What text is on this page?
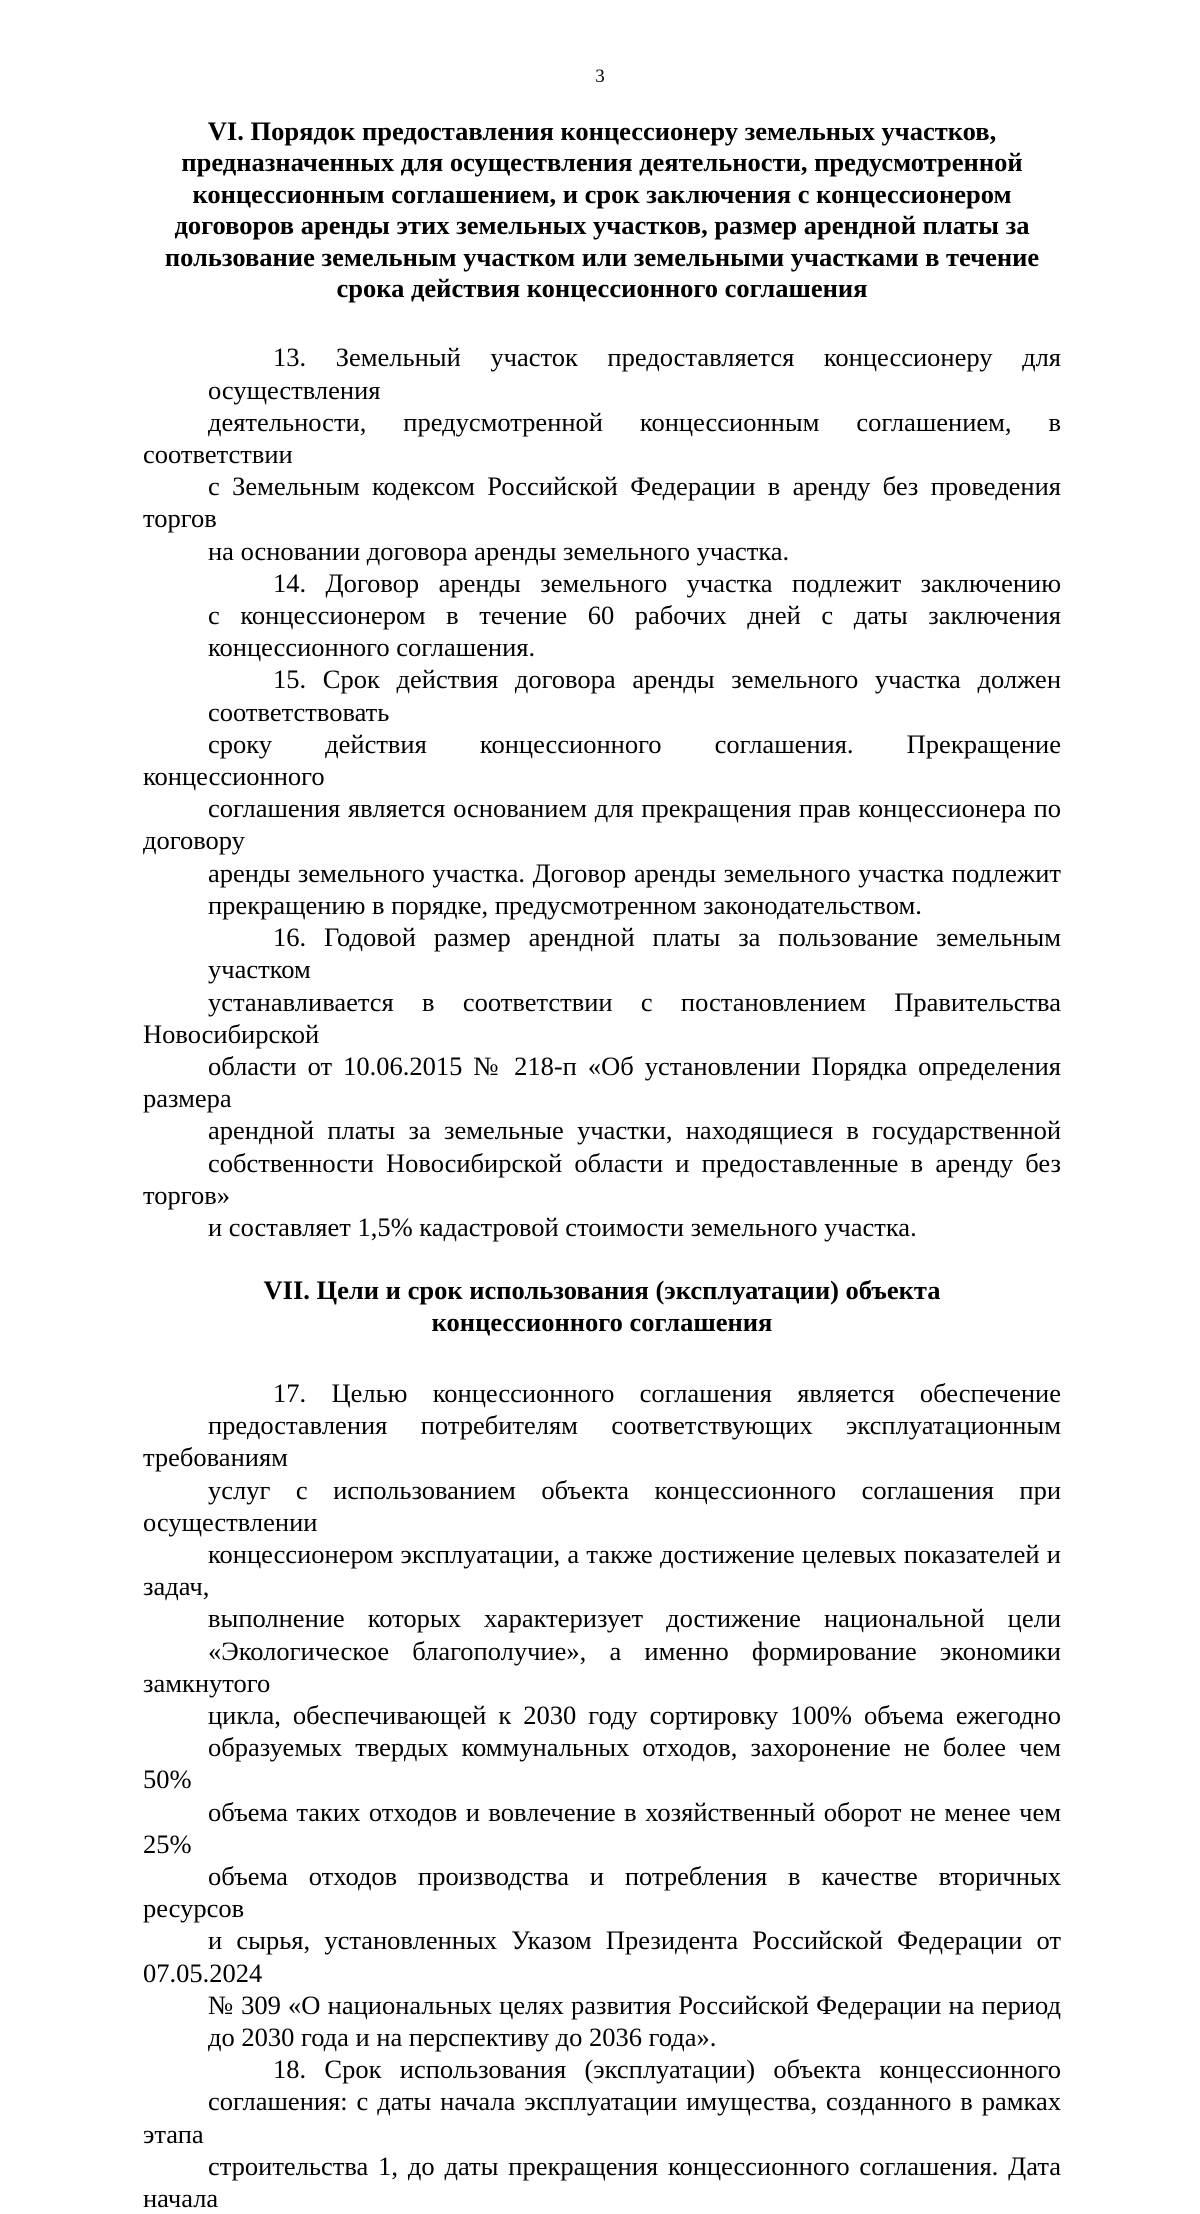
3
VI. Порядок предоставления концессионеру земельных участков,
предназначенных для осуществления деятельности, предусмотренной
концессионным соглашением, и срок заключения с концессионером
договоров аренды этих земельных участков, размер арендной платы за
пользование земельным участком или земельными участками в течение
срока действия концессионного соглашения
13. Земельный участок предоставляется концессионеру для осуществления
деятельности, предусмотренной концессионным соглашением, в соответствии
с Земельным кодексом Российской Федерации в аренду без проведения торгов
на основании договора аренды земельного участка.
14. Договор аренды земельного участка подлежит заключению
с концессионером в течение 60 рабочих дней с даты заключения
концессионного соглашения.
15. Срок действия договора аренды земельного участка должен соответствовать
сроку действия концессионного соглашения. Прекращение концессионного
соглашения является основанием для прекращения прав концессионера по договору
аренды земельного участка. Договор аренды земельного участка подлежит
прекращению в порядке, предусмотренном законодательством.
16. Годовой размер арендной платы за пользование земельным участком
устанавливается в соответствии с постановлением Правительства Новосибирской
области от 10.06.2015 № 218-п «Об установлении Порядка определения размера
арендной платы за земельные участки, находящиеся в государственной
собственности Новосибирской области и предоставленные в аренду без торгов»
и составляет 1,5% кадастровой стоимости земельного участка.
VII. Цели и срок использования (эксплуатации) объекта
концессионного соглашения
17. Целью концессионного соглашения является обеспечение
предоставления потребителям соответствующих эксплуатационным требованиям
услуг с использованием объекта концессионного соглашения при осуществлении
концессионером эксплуатации, а также достижение целевых показателей и задач,
выполнение которых характеризует достижение национальной цели
«Экологическое благополучие», а именно формирование экономики замкнутого
цикла, обеспечивающей к 2030 году сортировку 100% объема ежегодно
образуемых твердых коммунальных отходов, захоронение не более чем 50%
объема таких отходов и вовлечение в хозяйственный оборот не менее чем 25%
объема отходов производства и потребления в качестве вторичных ресурсов
и сырья, установленных Указом Президента Российской Федерации от 07.05.2024
№ 309 «О национальных целях развития Российской Федерации на период
до 2030 года и на перспективу до 2036 года».
18. Срок использования (эксплуатации) объекта концессионного
соглашения: с даты начала эксплуатации имущества, созданного в рамках этапа
строительства 1, до даты прекращения концессионного соглашения. Дата начала
